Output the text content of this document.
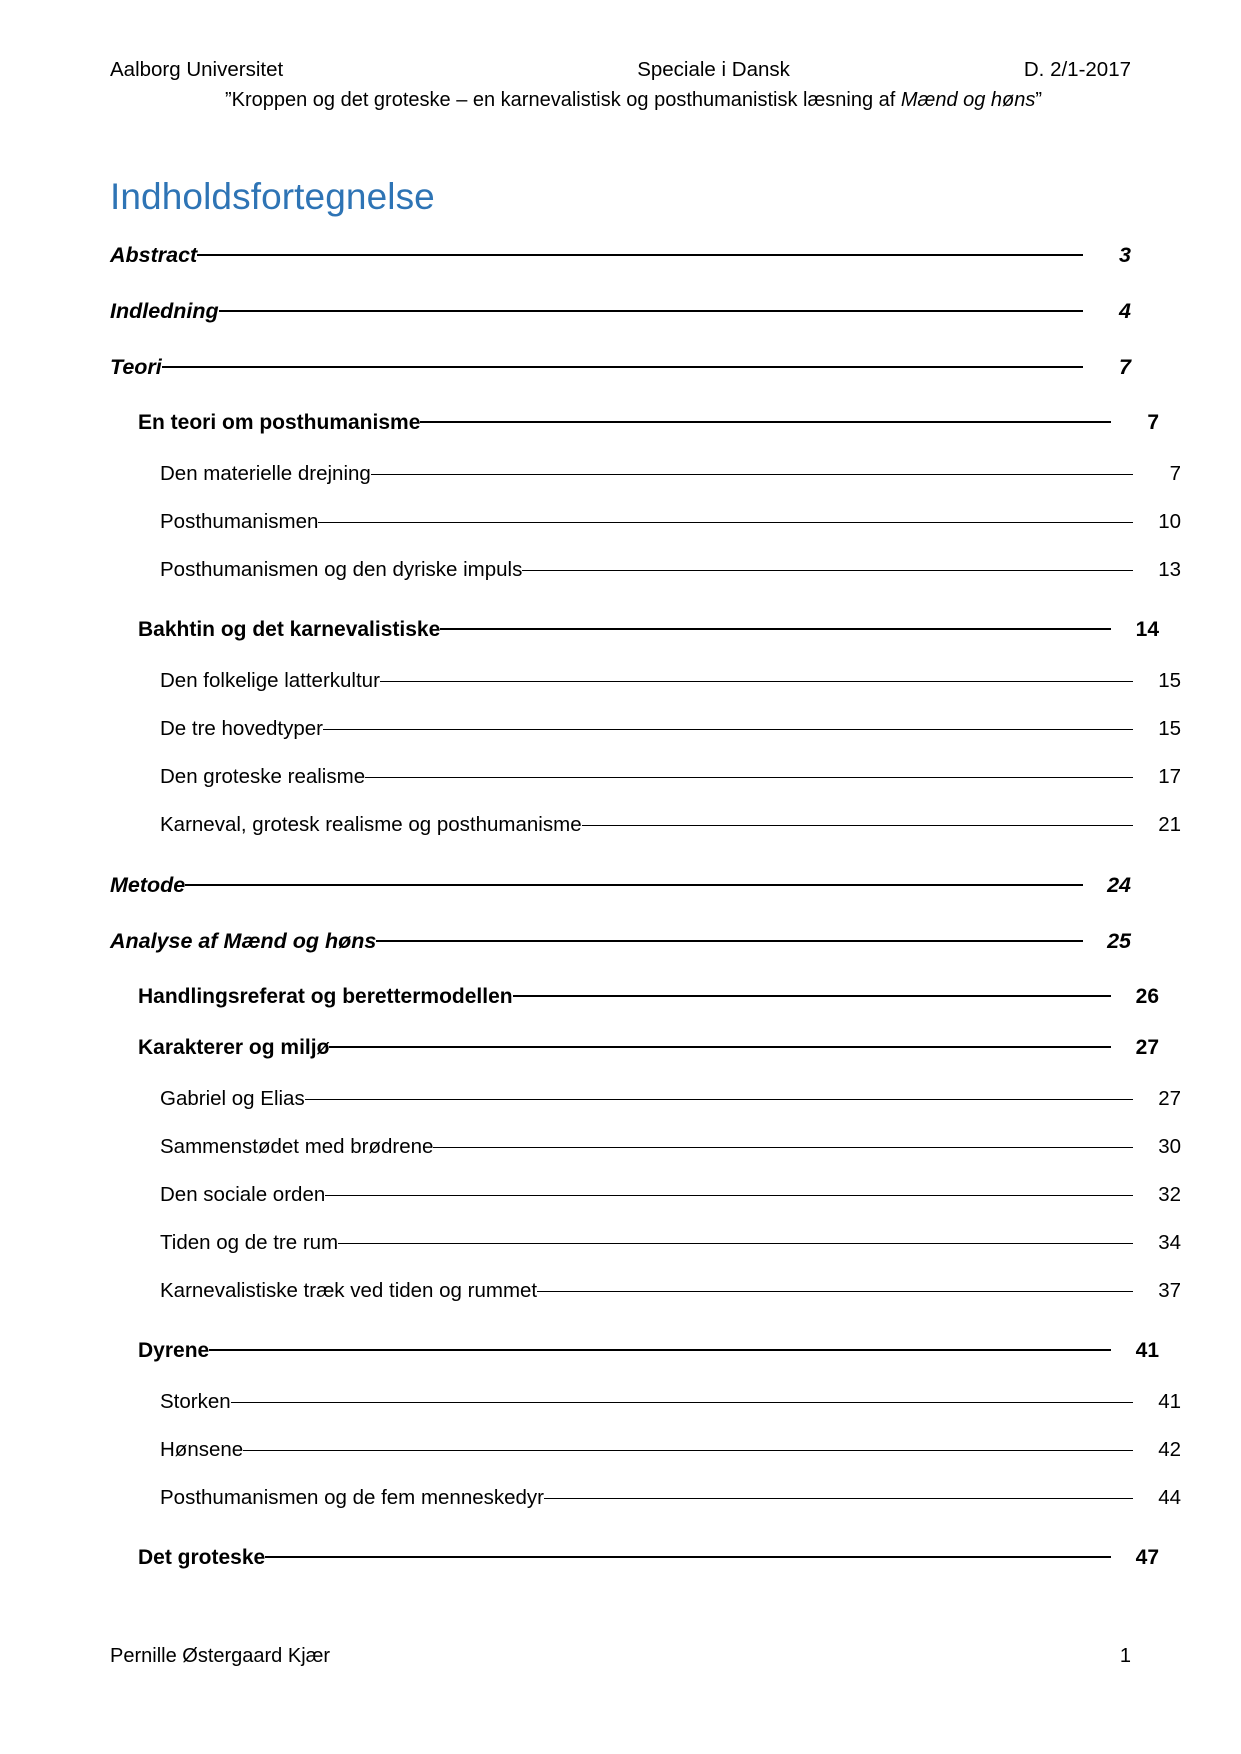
Aalborg Universitet	Speciale i Dansk	D. 2/1-2017
”Kroppen og det groteske – en karnevalistisk og posthumanistisk læsning af Mænd og høns”
Indholdsfortegnelse
Abstract	3
Indledning	4
Teori	7
En teori om posthumanisme	7
Den materielle drejning	7
Posthumanismen	10
Posthumanismen og den dyriske impuls	13
Bakhtin og det karnevalistiske	14
Den folkelige latterkultur	15
De tre hovedtyper	15
Den groteske realisme	17
Karneval, grotesk realisme og posthumanisme	21
Metode	24
Analyse af Mænd og høns	25
Handlingsreferat og berettermodellen	26
Karakterer og miljø	27
Gabriel og Elias	27
Sammenstødet med brødrene	30
Den sociale orden	32
Tiden og de tre rum	34
Karnevalistiske træk ved tiden og rummet	37
Dyrene	41
Storken	41
Hønsene	42
Posthumanismen og de fem menneskedyr	44
Det groteske	47
Pernille Østergaard Kjær	1
